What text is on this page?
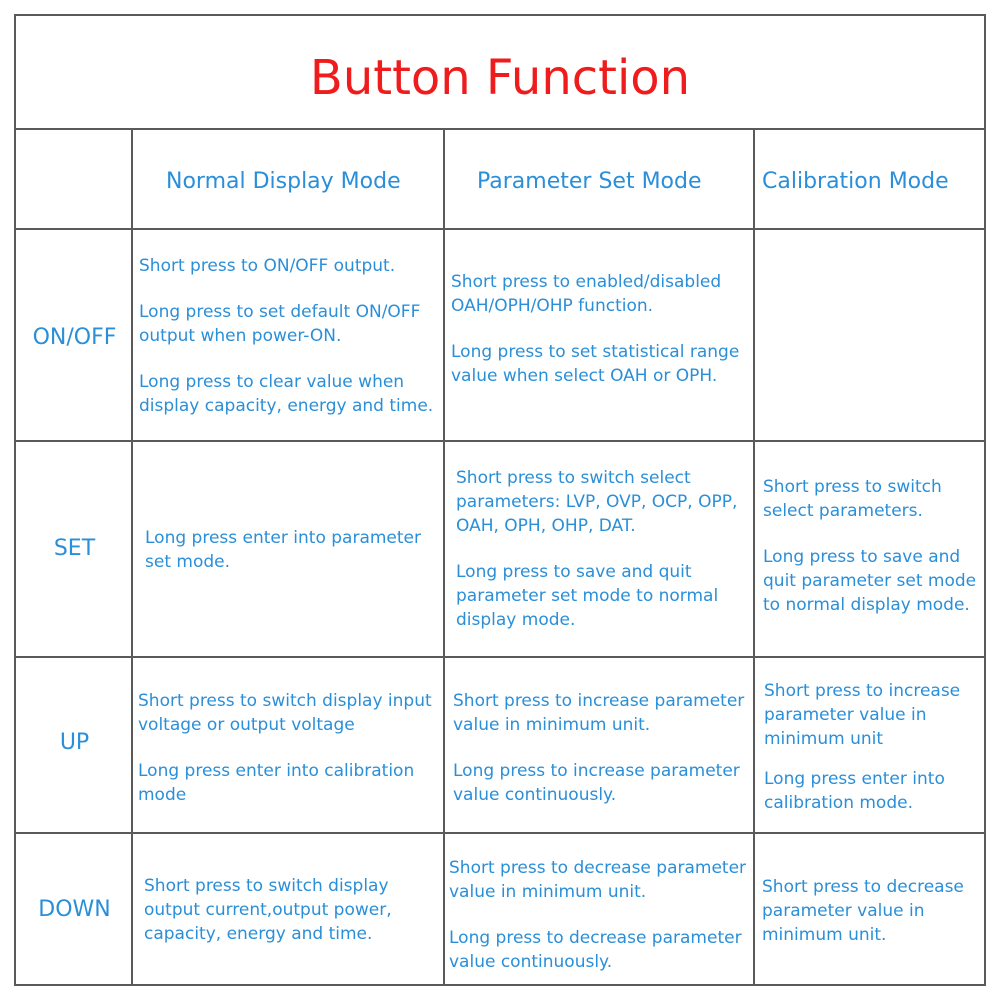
Button Function
Normal Display Mode	Parameter Set Mode	Calibration Mode
ON/OFF
SET
UP
DOWN

Short press to ON/OFF output.

Long press to set default ON/OFF output when power-ON.

Long press to clear value when display capacity, energy and time.

Short press to enabled/disabled OAH/OPH/OHP function.

Long press to set statistical range value when select OAH or OPH.

Long press enter into parameter set mode.

Short press to switch select parameters: LVP, OVP, OCP, OPP, OAH, OPH, OHP, DAT.

Long press to save and quit parameter set mode to normal display mode.

Short press to switch select parameters.

Long press to save and quit parameter set mode to normal display mode.

Short press to switch display input voltage or output voltage

Long press enter into calibration mode

Short press to increase parameter value in minimum unit.

Long press to increase parameter value continuously.

Short press to increase parameter value in minimum unit

Long press enter into calibration mode.

Short press to switch display output current,output power, capacity, energy and time.

Short press to decrease parameter value in minimum unit.

Long press to decrease parameter value continuously.

Short press to decrease parameter value in minimum unit.
